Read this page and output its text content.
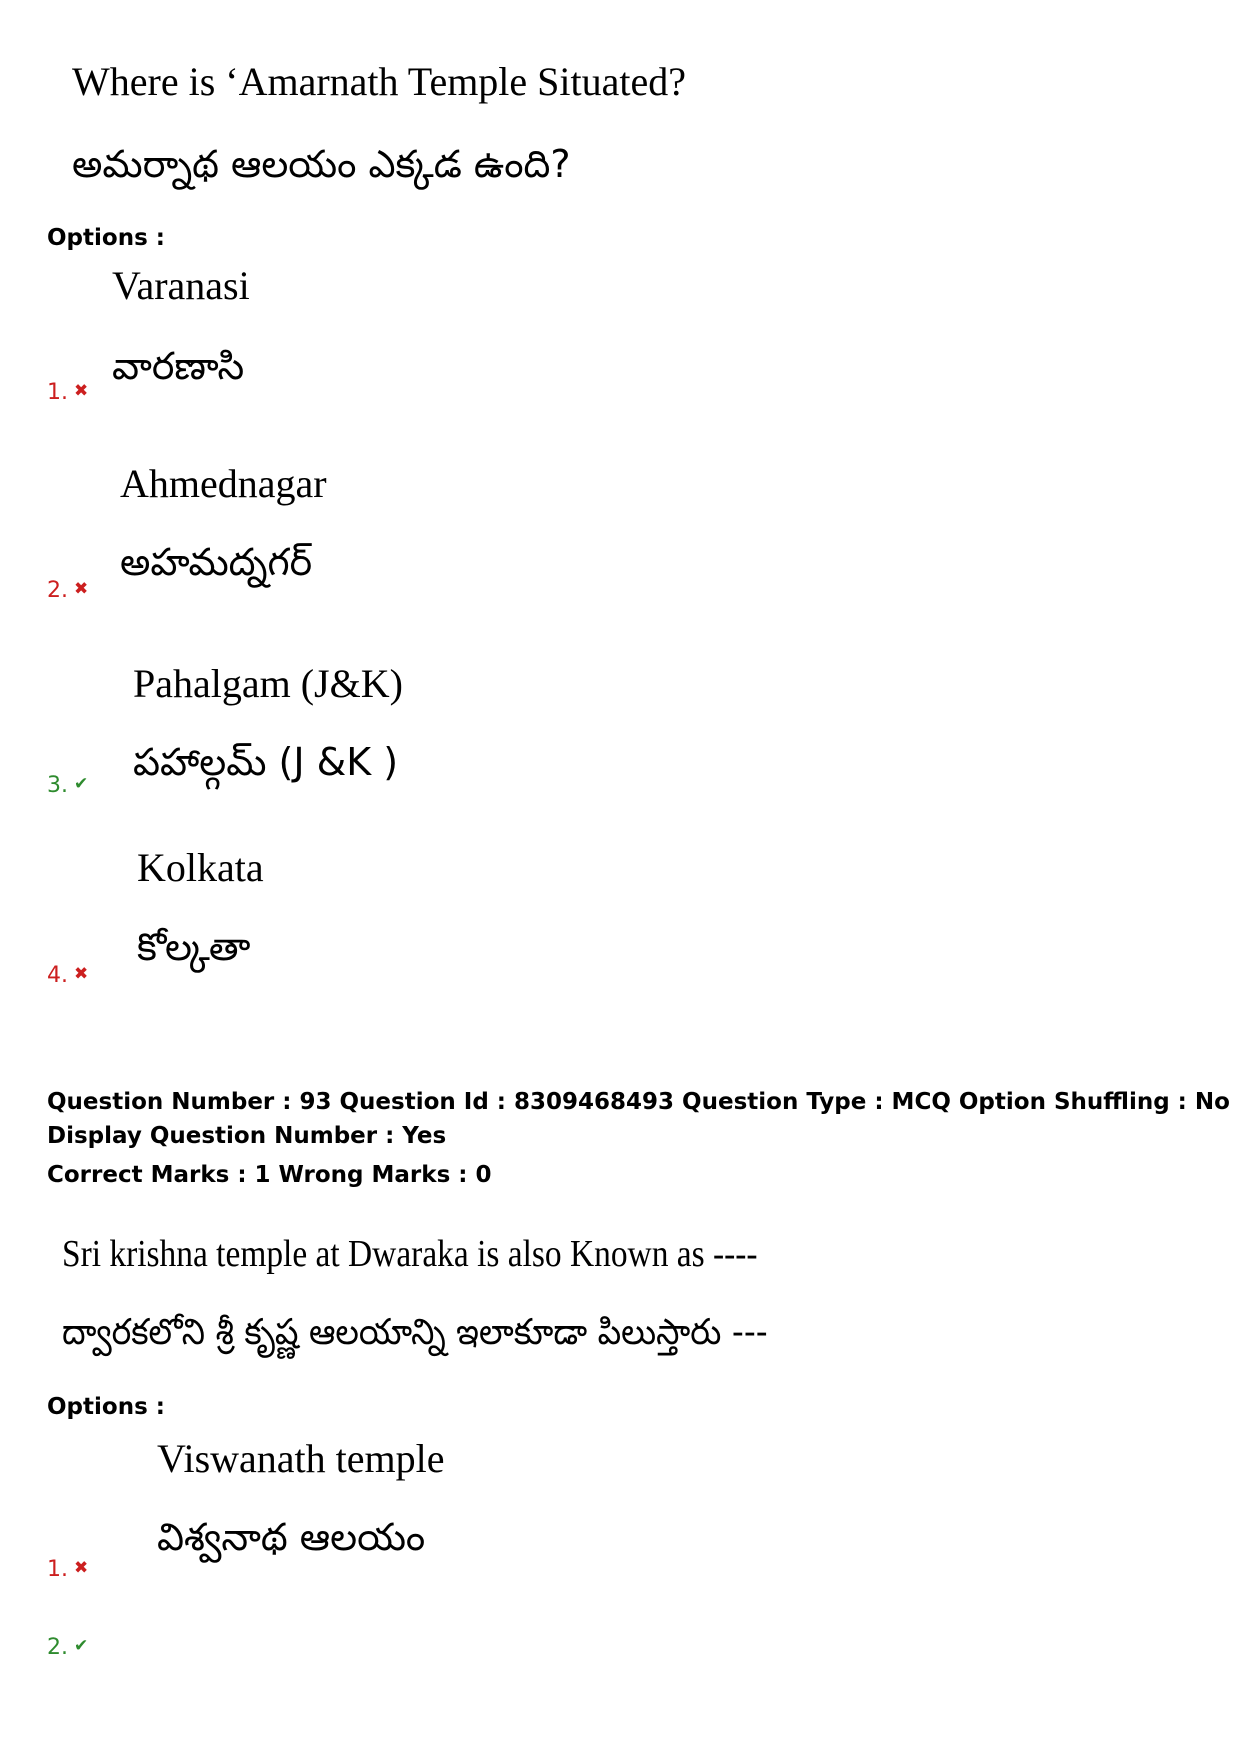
Where is ‘Amarnath Temple Situated?
అమర్నాథ ఆలయం ఎక్కడ ఉంది?
Options :
Varanasi
వారణాసి
1. ✖
Ahmednagar
అహమద్నగర్
2. ✖
Pahalgam (J&K)
పహాల్గమ్ (J &K )
3. ✔
Kolkata
కోల్కతా
4. ✖
Question Number : 93 Question Id : 8309468493 Question Type : MCQ Option Shuffling : No
Display Question Number : Yes
Correct Marks : 1 Wrong Marks : 0
Sri krishna temple at Dwaraka is also Known as ----
ద్వారకలోని శ్రీ కృష్ణ ఆలయాన్ని ఇలాకూడా పిలుస్తారు ---
Options :
Viswanath temple
విశ్వనాథ ఆలయం
1. ✖
2. ✔
